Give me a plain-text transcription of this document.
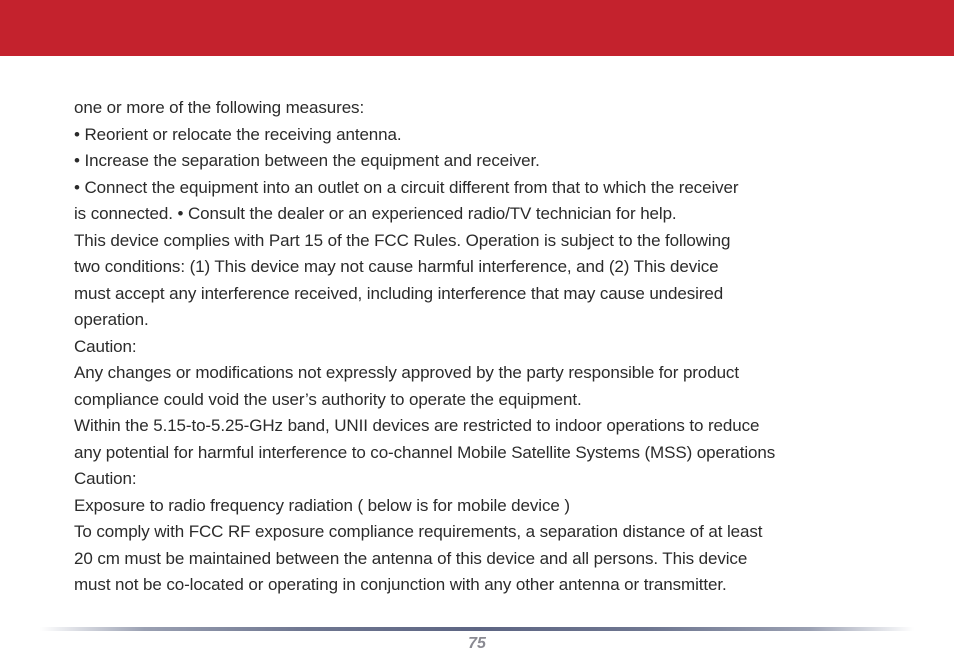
one or more of the following measures:
• Reorient or relocate the receiving antenna.
• Increase the separation between the equipment and receiver.
• Connect the equipment into an outlet on a circuit different from that to which the receiver
is connected. • Consult the dealer or an experienced radio/TV technician for help.
This device complies with Part 15 of the FCC Rules. Operation is subject to the following
two conditions: (1) This device may not cause harmful interference, and (2) This device
must accept any interference received, including interference that may cause undesired
operation.
Caution:
Any changes or modifications not expressly approved by the party responsible for product
compliance could void the user’s authority to operate the equipment.
Within the 5.15-to-5.25-GHz band, UNII devices are restricted to indoor operations to reduce
any potential for harmful interference to co-channel Mobile Satellite Systems (MSS) operations
Caution:
Exposure to radio frequency radiation ( below is for mobile device )
To comply with FCC RF exposure compliance requirements, a separation distance of at least
20 cm must be maintained between the antenna of this device and all persons. This device
must not be co-located or operating in conjunction with any other antenna or transmitter.
75
